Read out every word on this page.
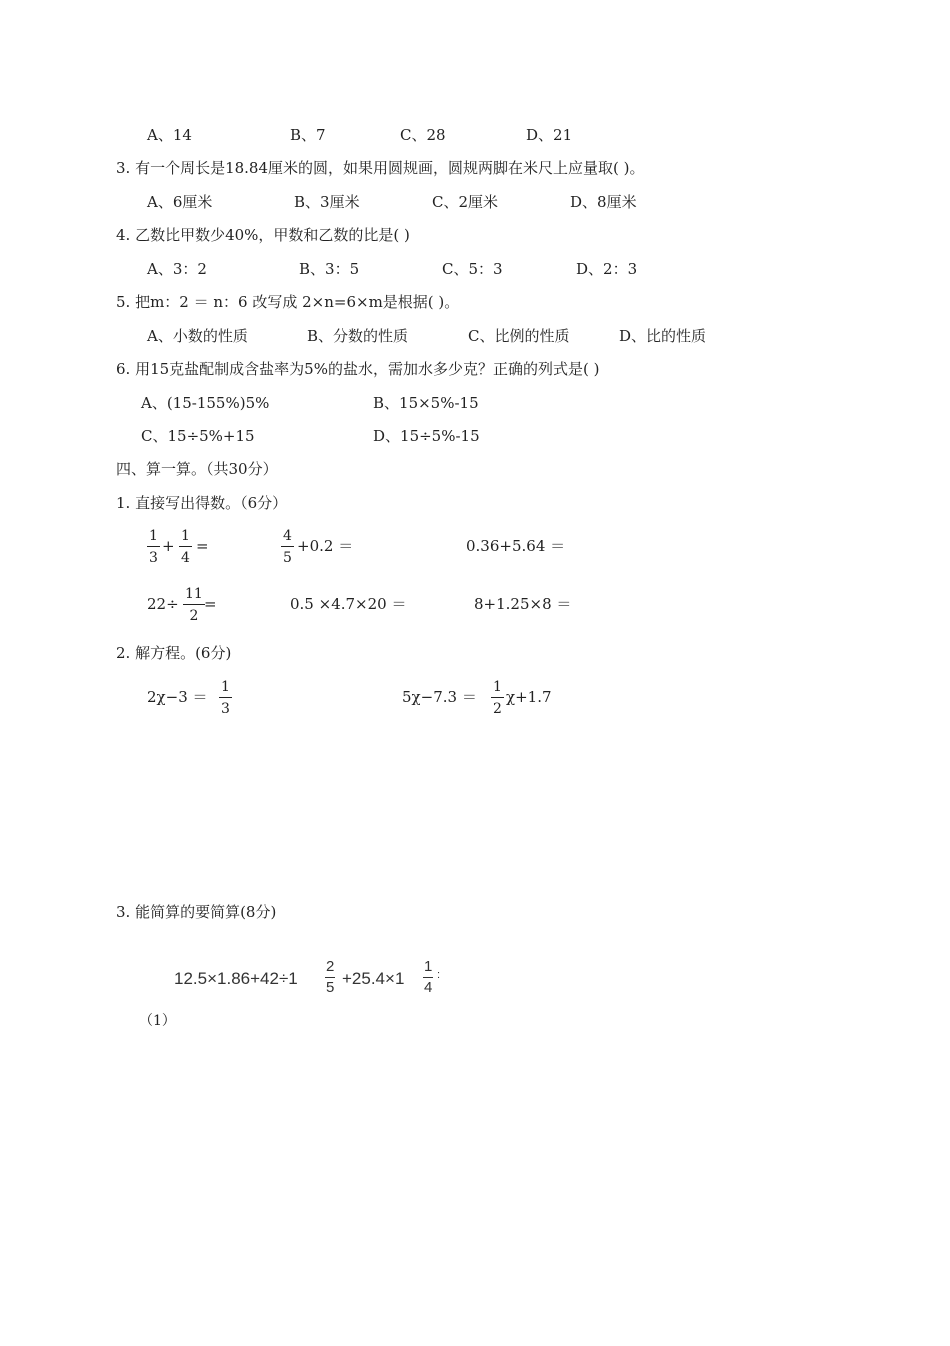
A、14	B、7	C、28	D、21
3. 有一个周长是18.84厘米的圆，如果用圆规画，圆规两脚在米尺上应量取( )。
A、6厘米	B、3厘米	C、2厘米	D、8厘米
4. 乙数比甲数少40%，甲数和乙数的比是( )
A、3：2	B、3：5	C、5：3	D、2：3
5. 把m：2 ＝ n：6 改写成 2×n=6×m是根据( )。
A、小数的性质	B、分数的性质	C、比例的性质	D、比的性质
6. 用15克盐配制成含盐率为5%的盐水，需加水多少克？正确的列式是( )
A、(15-155%)5%	B、15×5%-15
C、15÷5%+15	D、15÷5%-15
四、算一算。（共30分）
1. 直接写出得数。（6分）
$\frac{1}{3} + \frac{1}{4}$ =	$\frac{4}{5} +0.2$ ＝	0.36+5.64 ＝
$22\div \frac{11}{2}$ =	0.5 ×4.7×20 ＝	8+1.25×8 ＝
2. 解方程。(6分)
$2\chi-3 = \frac{1}{3}$	$5\chi-7.3 = \frac{1}{2} \chi+1.7$
3. 能简算的要简算(8分)
（1）
$12.5\times 1.86+42\div 1 \frac{2}{5} +25.4\times 1 \frac{1}{4}$ :
